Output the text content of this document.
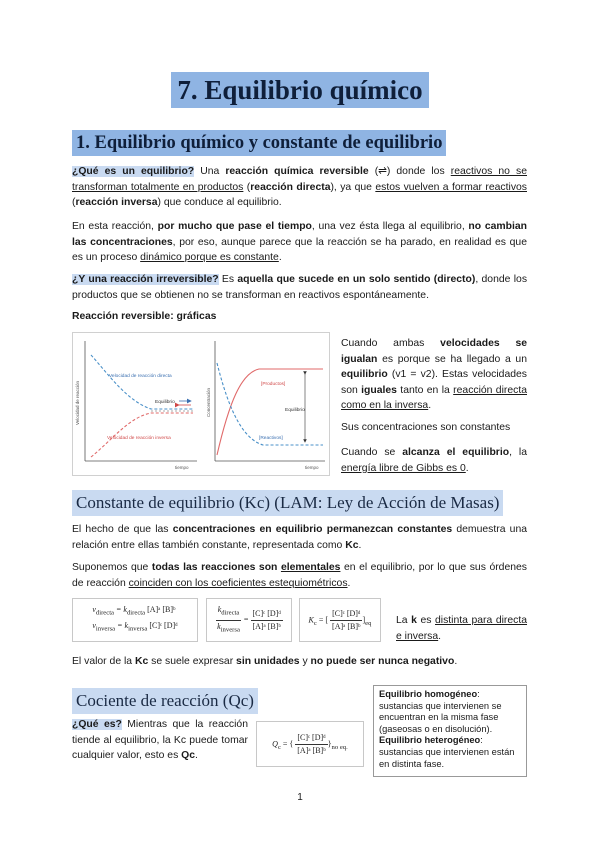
7. Equilibrio químico
1. Equilibrio químico y constante de equilibrio

¿Qué es un equilibrio? Una reacción química reversible (⇌) donde los reactivos no se transforman totalmente en productos (reacción directa), ya que estos vuelven a formar reactivos (reacción inversa) que conduce al equilibrio.

En esta reacción, por mucho que pase el tiempo, una vez ésta llega al equilibrio, no cambian las concentraciones, por eso, aunque parece que la reacción se ha parado, en realidad es que es un proceso dinámico porque es constante.

¿Y una reacción irreversible? Es aquella que sucede en un solo sentido (directo), donde los productos que se obtienen no se transforman en reactivos espontáneamente.

Reacción reversible: gráficas
Velocidad de reacción
tiempo
Velocidad de reacción directa
Equilibrio
Velocidad de reacción inversa
Concentración
tiempo
[Productos]
Equilibrio
[Reactivos]

Cuando ambas velocidades se igualan es porque se ha llegado a un equilibrio (v1 = v2). Estas velocidades son iguales tanto en la reacción directa como en la inversa.

Sus concentraciones son constantes

Cuando se alcanza el equilibrio, la energía libre de Gibbs es 0.

Constante de equilibrio (Kc) (LAM: Ley de Acción de Masas)

El hecho de que las concentraciones en equilibrio permanezcan constantes demuestra una relación entre ellas también constante, representada como Kc.

Suponemos que todas las reacciones son elementales en el equilibrio, por lo que sus órdenes de reacción coinciden con los coeficientes estequiométricos.

$v_{directa} = k_{directa}$ [A]ᵃ [B]ᵇ
$v_{inversa} = k_{inversa}$ [C]ᶜ [D]ᵈ	$\frac{k_{directa}}{k_{inversa}} = \frac{\text{[C]ᶜ [D]ᵈ}}{\text{[A]ᵃ [B]ᵇ}}$	$K_c$ = [ $\frac{\text{[C]ᶜ [D]ᵈ}}{\text{[A]ᵃ [B]ᵇ}} ]_{eq}$ La k es distinta para directa e inversa.

El valor de la Kc se suele expresar sin unidades y no puede ser nunca negativo.

Cociente de reacción (Qc)

¿Qué es? Mientras que la reacción tiende al equilibrio, la Kc puede tomar cualquier valor, esto es Qc.

$Q_c$ = { $\frac{\text{[C]ᶜ [D]ᵈ}}{\text{[A]ᵃ [B]ᵇ}} \}_{no eq.}$
Equilibrio homogéneo: sustancias que intervienen se encuentran en la misma fase (gaseosas o en disolución).
Equilibrio heterogéneo: sustancias que intervienen están en distinta fase.
1
